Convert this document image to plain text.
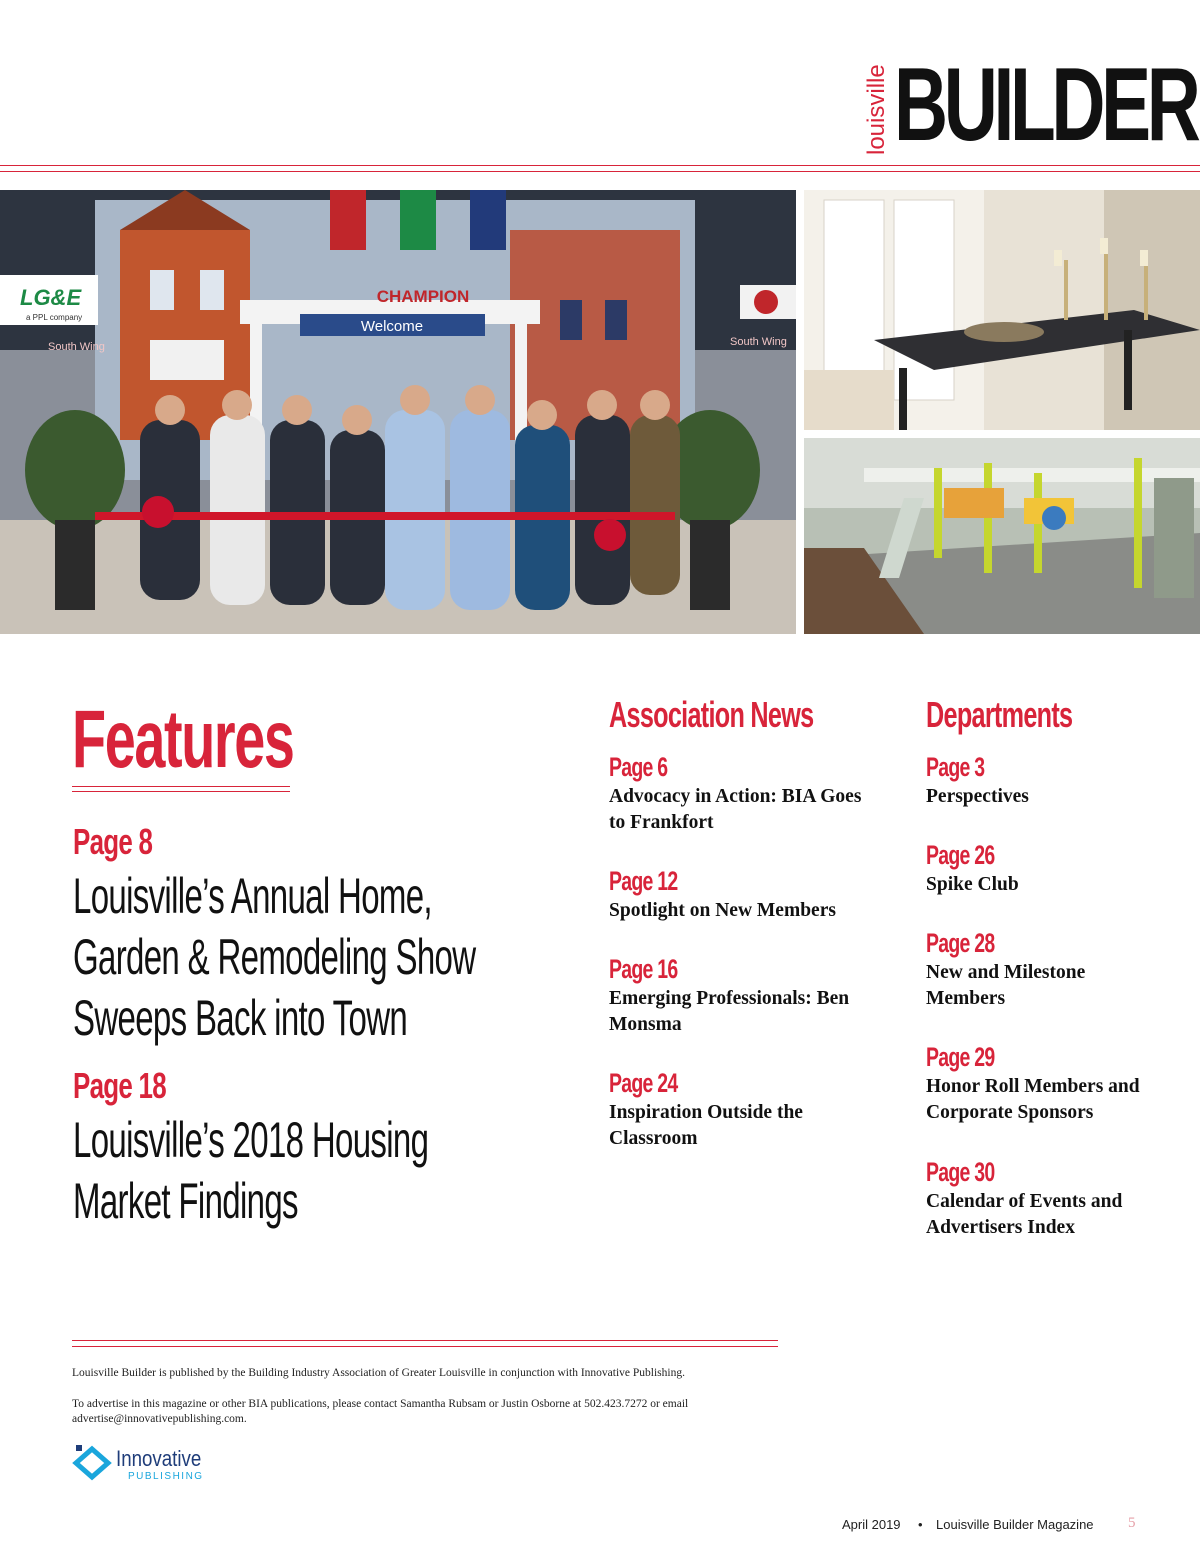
louisville BUILDER
Welcome
CHAMPION
LG&E
a PPL company
South Wing	South Wing
Features
Page 8
Louisville’s Annual Home, Garden & Remodeling Show Sweeps Back into Town
Page 18
Louisville’s 2018 Housing Market Findings
Association News
Page 6
Advocacy in Action: BIA Goes to Frankfort
Page 12
Spotlight on New Members
Page 16
Emerging Professionals: Ben Monsma
Page 24
Inspiration Outside the Classroom
Departments
Page 3
Perspectives
Page 26
Spike Club
Page 28
New and Milestone Members
Page 29
Honor Roll Members and Corporate Sponsors
Page 30
Calendar of Events and Advertisers Index
Louisville Builder is published by the Building Industry Association of Greater Louisville in conjunction with Innovative Publishing.
To advertise in this magazine or other BIA publications, please contact Samantha Rubsam or Justin Osborne at 502.423.7272 or email advertise@innovativepublishing.com.
Innovative
PUBLISHING
April 2019 • Louisville Builder Magazine 5
